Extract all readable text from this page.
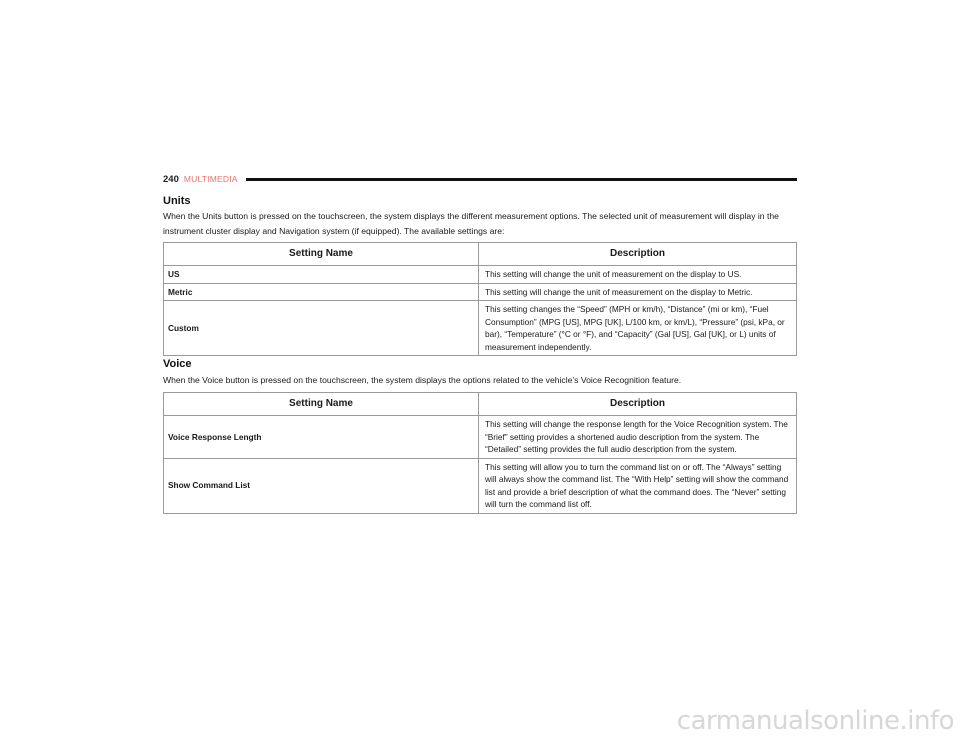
240 MULTIMEDIA
Units
When the Units button is pressed on the touchscreen, the system displays the different measurement options. The selected unit of measurement will display in the instrument cluster display and Navigation system (if equipped). The available settings are:
Setting Name	Description
US	This setting will change the unit of measurement on the display to US.
Metric	This setting will change the unit of measurement on the display to Metric.
Custom	This setting changes the “Speed” (MPH or km/h), “Distance” (mi or km), “Fuel Consumption” (MPG [US], MPG [UK], L/100 km, or km/L), “Pressure” (psi, kPa, or bar), “Temperature” (°C or °F), and “Capacity” (Gal [US], Gal [UK], or L) units of measurement independently.
Voice
When the Voice button is pressed on the touchscreen, the system displays the options related to the vehicle’s Voice Recognition feature.
Setting Name	Description
Voice Response Length	This setting will change the response length for the Voice Recognition system. The “Brief” setting provides a shortened audio description from the system. The “Detailed” setting provides the full audio description from the system.
Show Command List	This setting will allow you to turn the command list on or off. The “Always” setting will always show the command list. The “With Help” setting will show the command list and provide a brief description of what the command does. The “Never” setting will turn the command list off.
carmanualsonline.info
